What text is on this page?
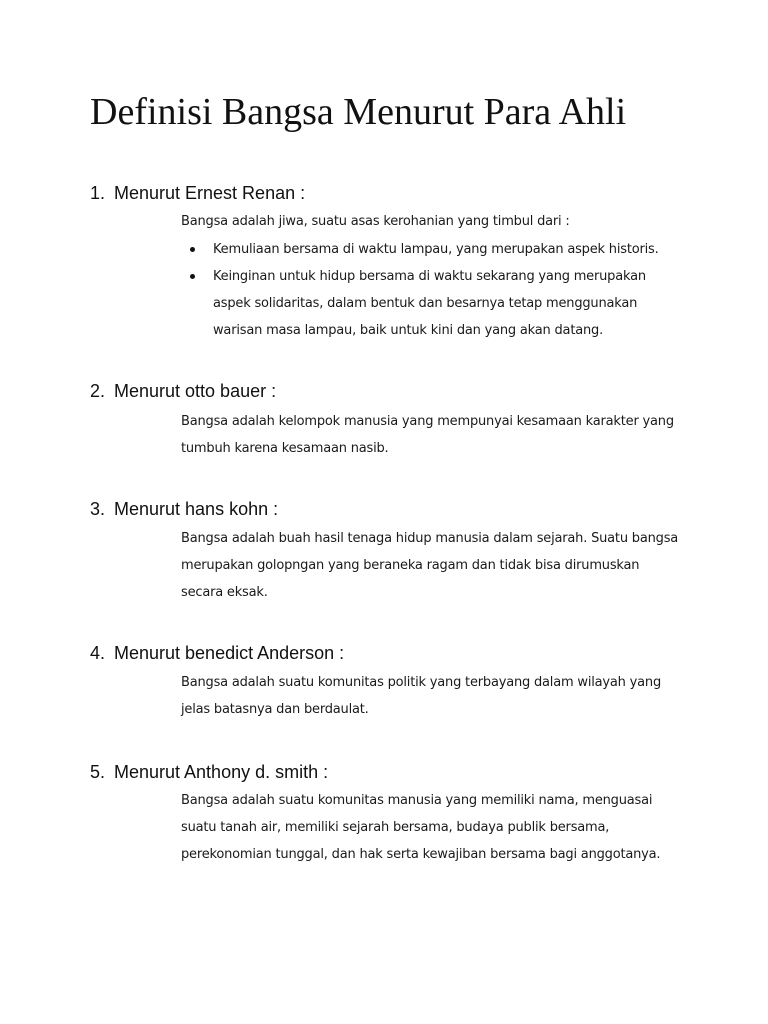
Definisi Bangsa Menurut Para Ahli
1. Menurut Ernest Renan :

Bangsa adalah jiwa, suatu asas kerohanian yang timbul dari :

Kemuliaan bersama di waktu lampau, yang merupakan aspek historis.
Keinginan untuk hidup bersama di waktu sekarang yang merupakan aspek solidaritas, dalam bentuk dan besarnya tetap menggunakan warisan masa lampau, baik untuk kini dan yang akan datang.
2. Menurut otto bauer :

Bangsa adalah kelompok manusia yang mempunyai kesamaan karakter yang tumbuh karena kesamaan nasib.

3. Menurut hans kohn :

Bangsa adalah buah hasil tenaga hidup manusia dalam sejarah. Suatu bangsa merupakan golopngan yang beraneka ragam dan tidak bisa dirumuskan secara eksak.

4. Menurut benedict Anderson :

Bangsa adalah suatu komunitas politik yang terbayang dalam wilayah yang jelas batasnya dan berdaulat.

5. Menurut Anthony d. smith :

Bangsa adalah suatu komunitas manusia yang memiliki nama, menguasai suatu tanah air, memiliki sejarah bersama, budaya publik bersama, perekonomian tunggal, dan hak serta kewajiban bersama bagi anggotanya.
